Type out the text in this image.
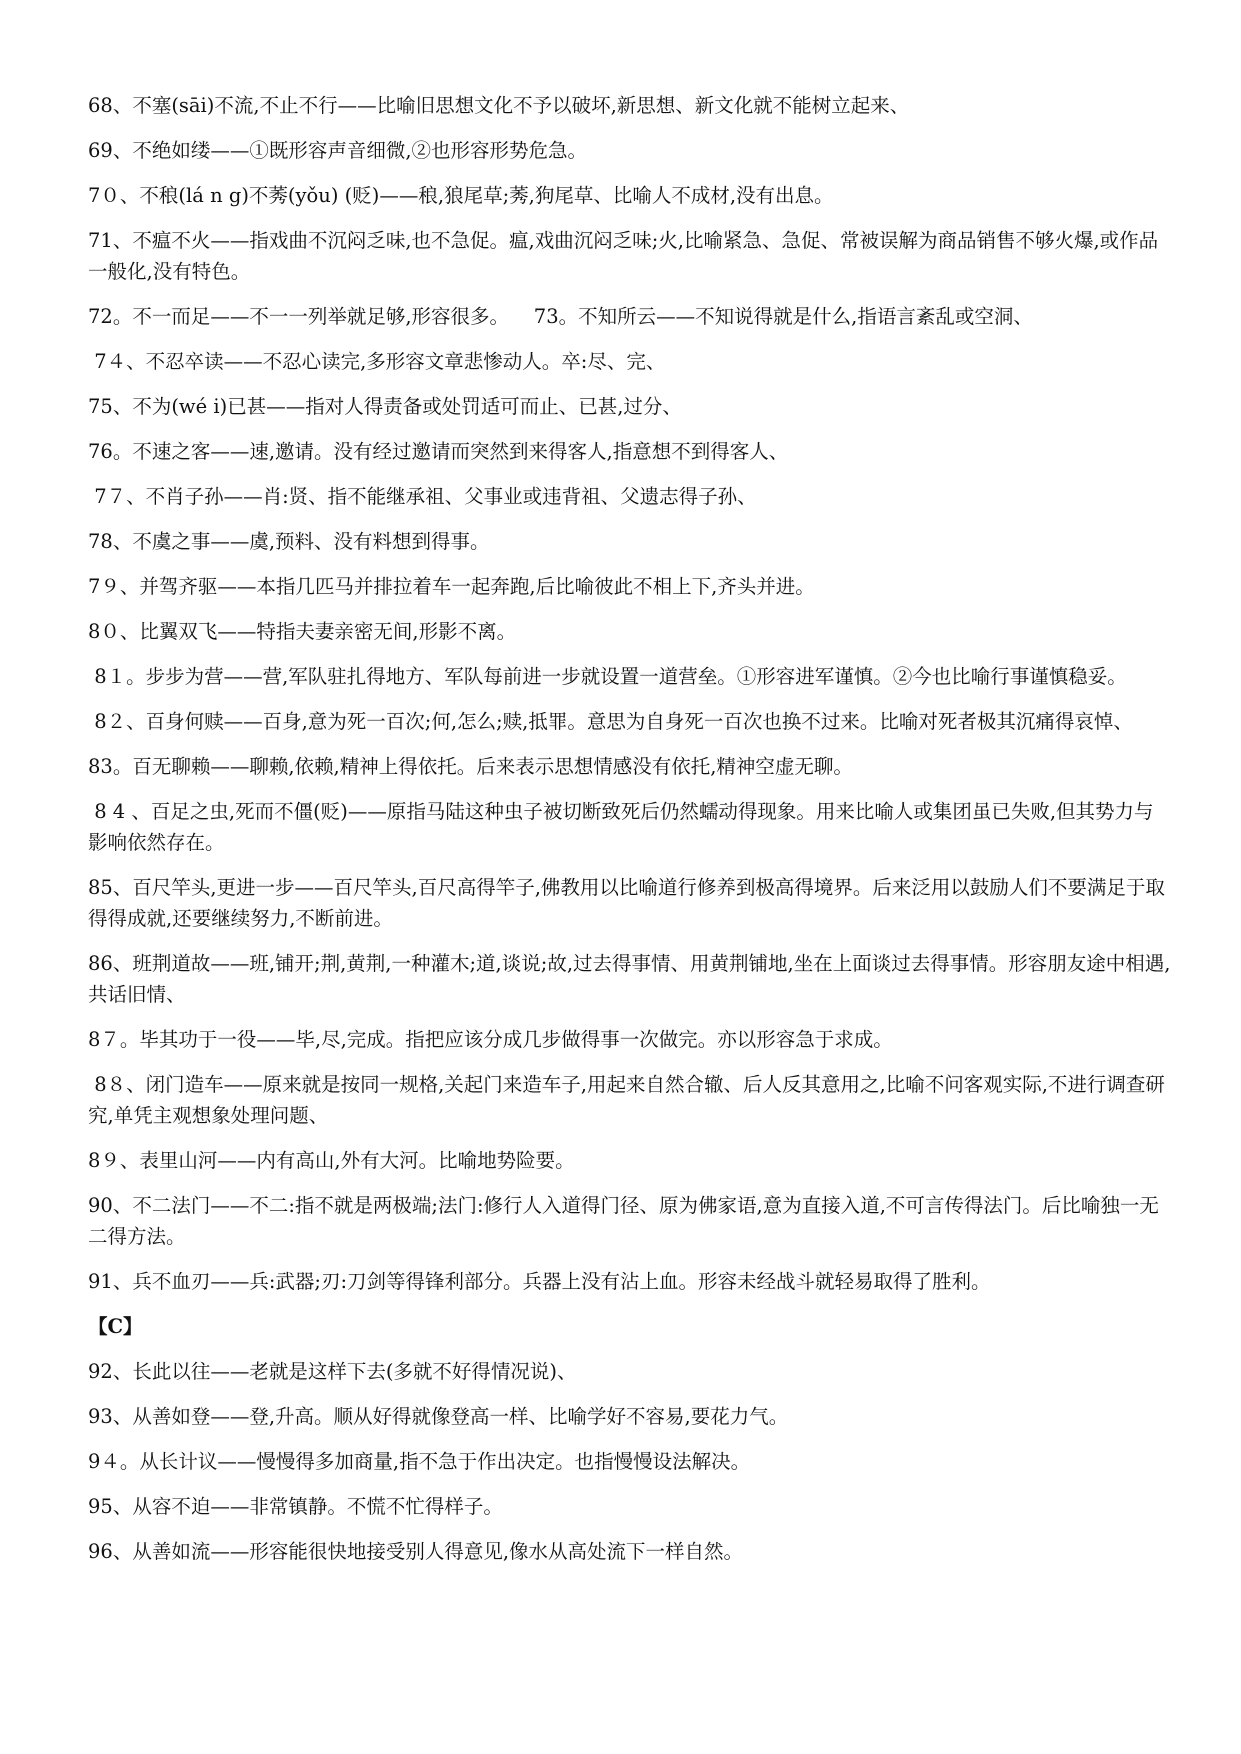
68、不塞(sāi)不流,不止不行——比喻旧思想文化不予以破坏,新思想、新文化就不能树立起来、

69、不绝如缕——①既形容声音细微,②也形容形势危急。

7０、不稂(lá n g)不莠(yǒu) (贬)——稂,狼尾草;莠,狗尾草、比喻人不成材,没有出息。

71、不瘟不火——指戏曲不沉闷乏味,也不急促。瘟,戏曲沉闷乏味;火,比喻紧急、急促、常被误解为商品销售不够火爆,或作品一般化,没有特色。

72。不一而足——不一一列举就足够,形容很多。    73。不知所云——不知说得就是什么,指语言紊乱或空洞、

7４、不忍卒读——不忍心读完,多形容文章悲惨动人。卒:尽、完、

75、不为(wé i)已甚——指对人得责备或处罚适可而止、已甚,过分、

76。不速之客——速,邀请。没有经过邀请而突然到来得客人,指意想不到得客人、

7７、不肖子孙——肖:贤、指不能继承祖、父事业或违背祖、父遗志得子孙、

78、不虞之事——虞,预料、没有料想到得事。

7９、并驾齐驱——本指几匹马并排拉着车一起奔跑,后比喻彼此不相上下,齐头并进。

8０、比翼双飞——特指夫妻亲密无间,形影不离。

8１。步步为营——营,军队驻扎得地方、军队每前进一步就设置一道营垒。①形容进军谨慎。②今也比喻行事谨慎稳妥。

8２、百身何赎——百身,意为死一百次;何,怎么;赎,抵罪。意思为自身死一百次也换不过来。比喻对死者极其沉痛得哀悼、

83。百无聊赖——聊赖,依赖,精神上得依托。后来表示思想情感没有依托,精神空虚无聊。

8 4 、百足之虫,死而不僵(贬)——原指马陆这种虫子被切断致死后仍然蠕动得现象。用来比喻人或集团虽已失败,但其势力与影响依然存在。

85、百尺竿头,更进一步——百尺竿头,百尺高得竿子,佛教用以比喻道行修养到极高得境界。后来泛用以鼓励人们不要满足于取得得成就,还要继续努力,不断前进。

86、班荆道故——班,铺开;荆,黄荆,一种灌木;道,谈说;故,过去得事情、用黄荆铺地,坐在上面谈过去得事情。形容朋友途中相遇,共话旧情、

8７。毕其功于一役——毕,尽,完成。指把应该分成几步做得事一次做完。亦以形容急于求成。

8８、闭门造车——原来就是按同一规格,关起门来造车子,用起来自然合辙、后人反其意用之,比喻不问客观实际,不进行调查研究,单凭主观想象处理问题、

8９、表里山河——内有高山,外有大河。比喻地势险要。

90、不二法门——不二:指不就是两极端;法门:修行人入道得门径、原为佛家语,意为直接入道,不可言传得法门。后比喻独一无二得方法。

91、兵不血刃——兵:武器;刃:刀剑等得锋利部分。兵器上没有沾上血。形容未经战斗就轻易取得了胜利。

【C】

92、长此以往——老就是这样下去(多就不好得情况说)、

93、从善如登——登,升高。顺从好得就像登高一样、比喻学好不容易,要花力气。

9４。从长计议——慢慢得多加商量,指不急于作出决定。也指慢慢设法解决。

95、从容不迫——非常镇静。不慌不忙得样子。

96、从善如流——形容能很快地接受别人得意见,像水从高处流下一样自然。
